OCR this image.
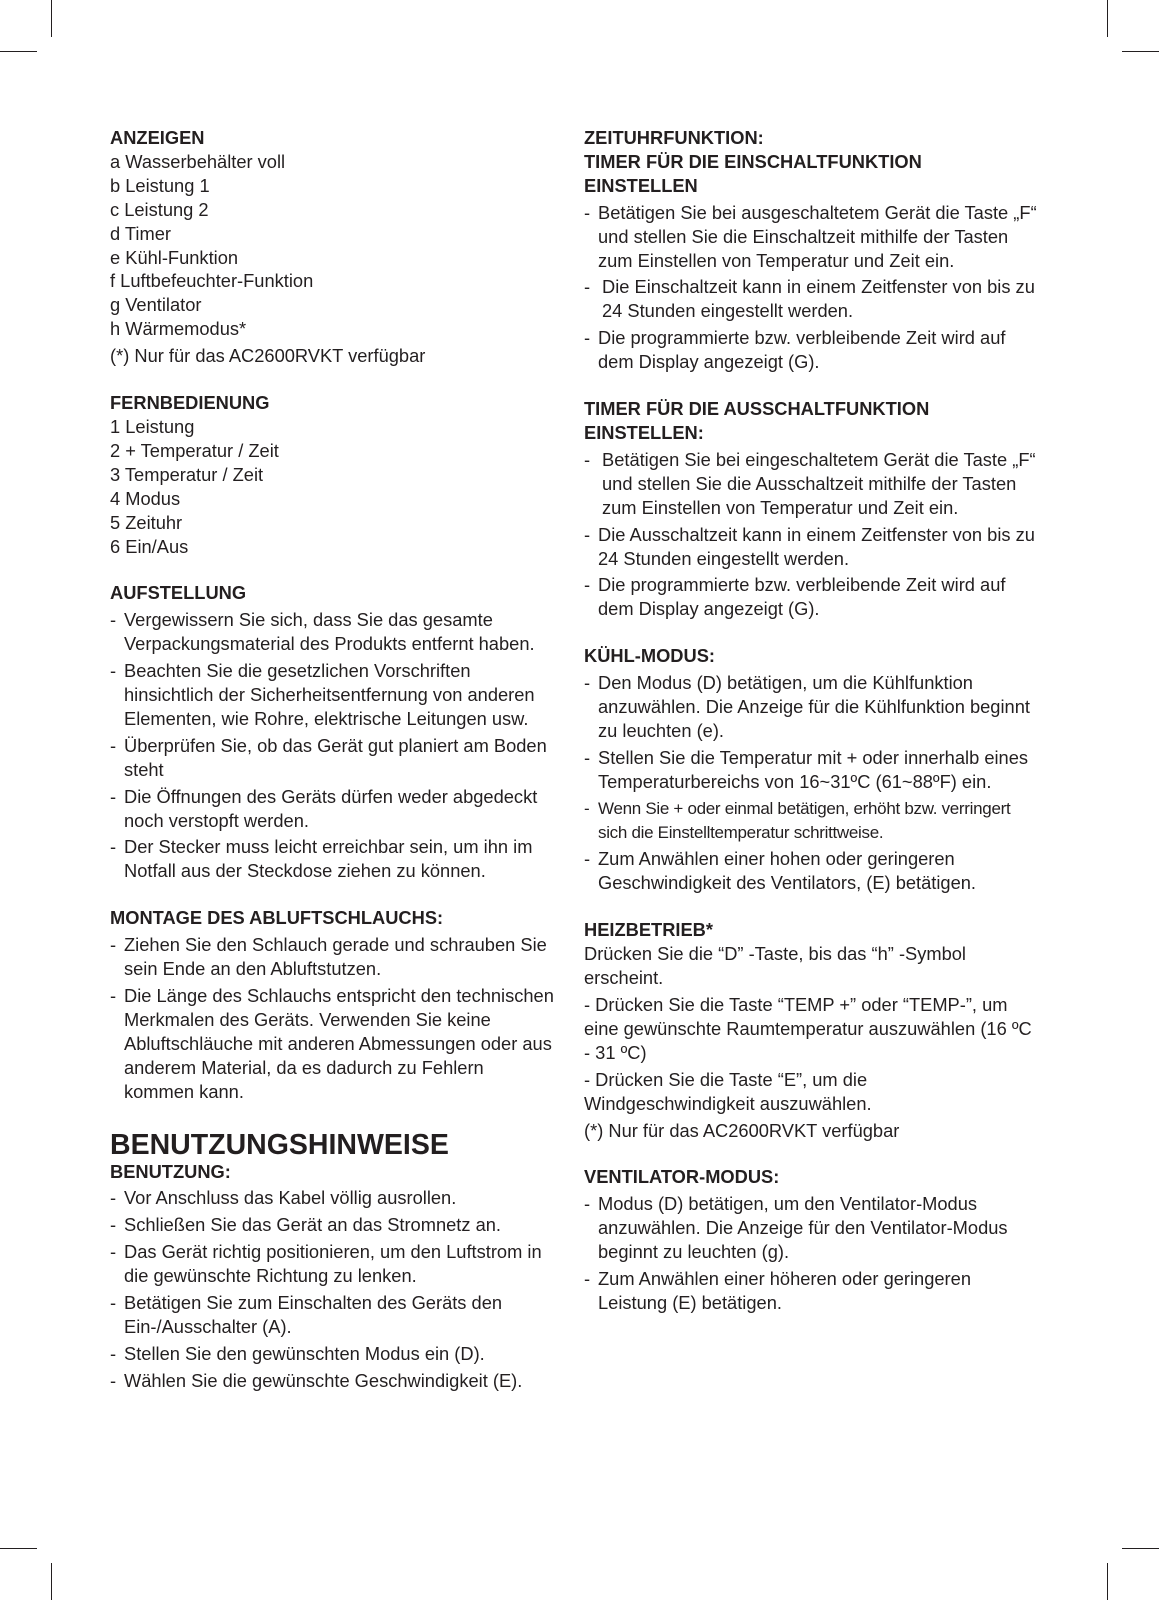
ANZEIGEN
a Wasserbehälter voll
b Leistung 1
c Leistung 2
d Timer
e Kühl-Funktion
f Luftbefeuchter-Funktion
g Ventilator
h Wärmemodus*

(*) Nur für das AC2600RVKT verfügbar

FERNBEDIENUNG
1 Leistung
2 + Temperatur / Zeit
3 Temperatur / Zeit
4 Modus
5 Zeituhr
6 Ein/Aus
AUFSTELLUNG
- Vergewissern Sie sich, dass Sie das gesamte Verpackungsmaterial des Produkts entfernt haben.
- Beachten Sie die gesetzlichen Vorschriften hinsichtlich der Sicherheitsentfernung von anderen Elementen, wie Rohre, elektrische Leitungen usw.
- Überprüfen Sie, ob das Gerät gut planiert am Boden steht
- Die Öffnungen des Geräts dürfen weder abgedeckt noch verstopft werden.
- Der Stecker muss leicht erreichbar sein, um ihn im Notfall aus der Steckdose ziehen zu können.
MONTAGE DES ABLUFTSCHLAUCHS:
- Ziehen Sie den Schlauch gerade und schrauben Sie sein Ende an den Abluftstutzen.
- Die Länge des Schlauchs entspricht den technischen Merkmalen des Geräts. Verwenden Sie keine Abluftschläuche mit anderen Abmessungen oder aus anderem Material, da es dadurch zu Fehlern kommen kann.
BENUTZUNGSHINWEISE
BENUTZUNG:
- Vor Anschluss das Kabel völlig ausrollen.
- Schließen Sie das Gerät an das Stromnetz an.
- Das Gerät richtig positionieren, um den Luftstrom in die gewünschte Richtung zu lenken.
- Betätigen Sie zum Einschalten des Geräts den Ein-/Ausschalter (A).
- Stellen Sie den gewünschten Modus ein (D).
- Wählen Sie die gewünschte Geschwindigkeit (E).
ZEITUHRFUNKTION:
TIMER FÜR DIE EINSCHALTFUNKTION EINSTELLEN
- Betätigen Sie bei ausgeschaltetem Gerät die Taste „F“ und stellen Sie die Einschaltzeit mithilfe der Tasten zum Einstellen von Temperatur und Zeit ein.
- Die Einschaltzeit kann in einem Zeitfenster von bis zu 24 Stunden eingestellt werden.
- Die programmierte bzw. verbleibende Zeit wird auf dem Display angezeigt (G).
TIMER FÜR DIE AUSSCHALTFUNKTION EINSTELLEN:
- Betätigen Sie bei eingeschaltetem Gerät die Taste „F“ und stellen Sie die Ausschaltzeit mithilfe der Tasten zum Einstellen von Temperatur und Zeit ein.
- Die Ausschaltzeit kann in einem Zeitfenster von bis zu 24 Stunden eingestellt werden.
- Die programmierte bzw. verbleibende Zeit wird auf dem Display angezeigt (G).
KÜHL-MODUS:
- Den Modus (D) betätigen, um die Kühlfunktion anzuwählen. Die Anzeige für die Kühlfunktion beginnt zu leuchten (e).
- Stellen Sie die Temperatur mit + oder innerhalb eines Temperaturbereichs von 16~31ºC (61~88ºF) ein.
- Wenn Sie + oder einmal betätigen, erhöht bzw. verringert sich die Einstelltemperatur schrittweise.
- Zum Anwählen einer hohen oder geringeren Geschwindigkeit des Ventilators, (E) betätigen.
HEIZBETRIEB*

Drücken Sie die “D” -Taste, bis das “h” -Symbol erscheint.

- Drücken Sie die Taste “TEMP +” oder “TEMP-”, um eine gewünschte Raumtemperatur auszuwählen (16 ºC - 31 ºC)

- Drücken Sie die Taste “E”, um die Windgeschwindigkeit auszuwählen.

(*) Nur für das AC2600RVKT verfügbar

VENTILATOR-MODUS:
- Modus (D) betätigen, um den Ventilator-Modus anzuwählen. Die Anzeige für den Ventilator-Modus beginnt zu leuchten (g).
- Zum Anwählen einer höheren oder geringeren Leistung (E) betätigen.
